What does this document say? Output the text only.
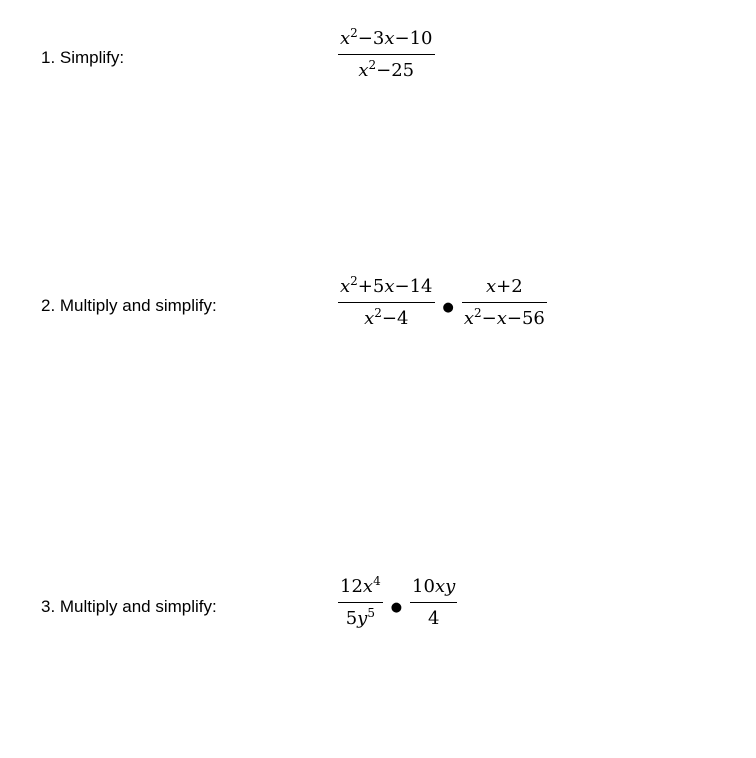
1. Simplify:	$\frac{x^2-3x-10}{x^2-25}$
2. Multiply and simplify:	$\frac{x^2+5x-14}{x^2-4}$ ● $\frac{x+2}{x^2-x-56}$
3. Multiply and simplify:	$\frac{12x^4}{5y^5}$ ● $\frac{10xy}{4}$
